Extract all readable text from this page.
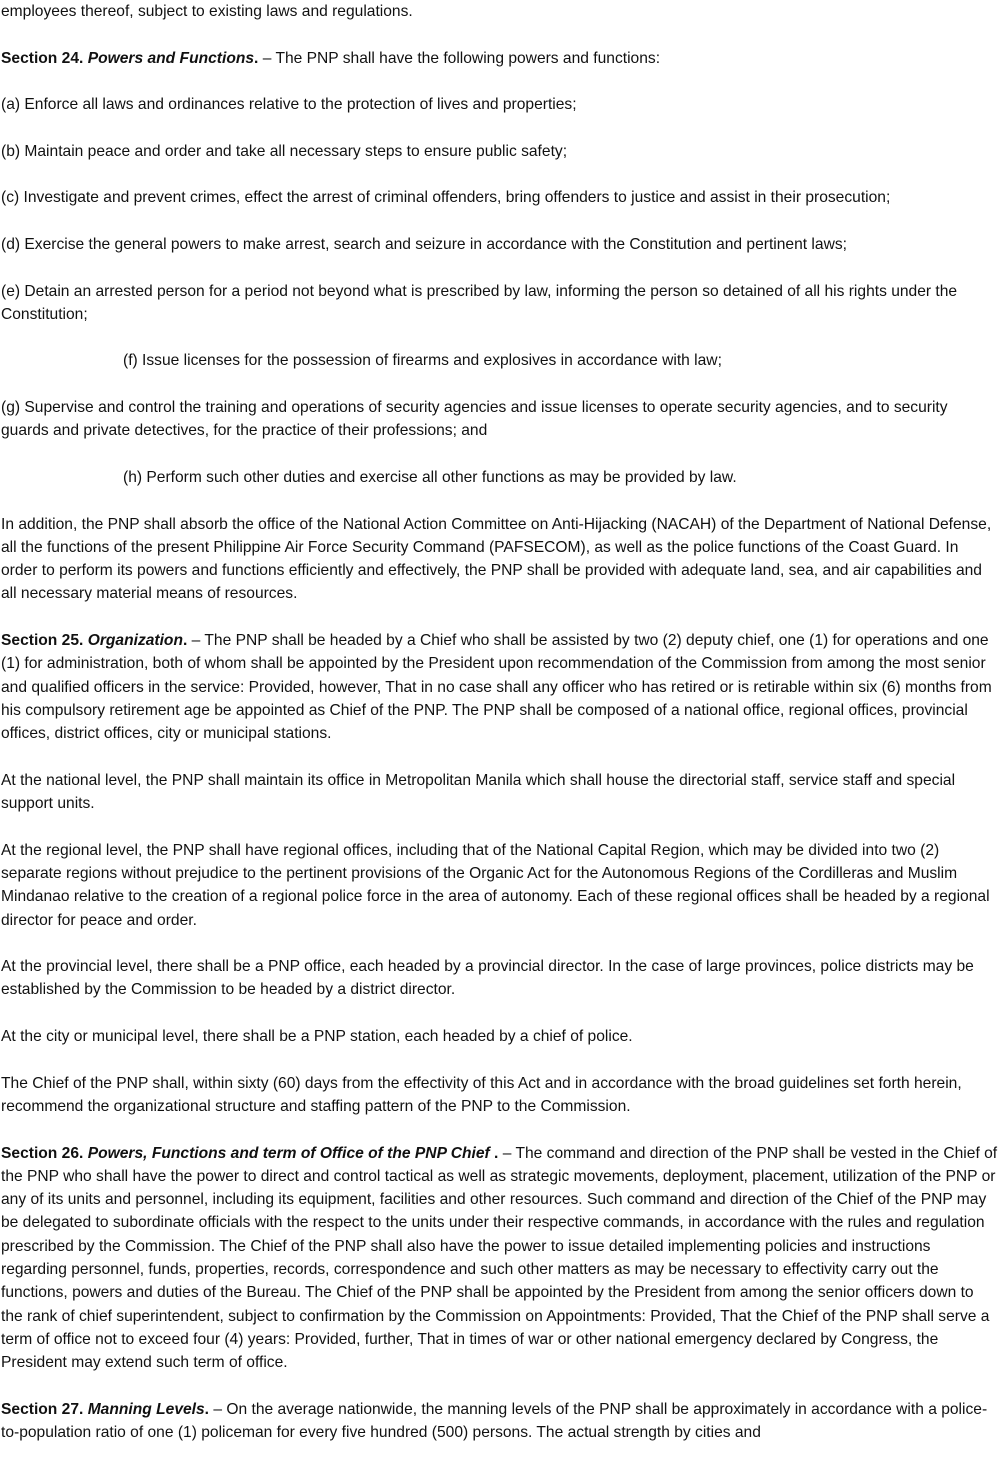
employees thereof, subject to existing laws and regulations.

Section 24. Powers and Functions. – The PNP shall have the following powers and functions:

(a) Enforce all laws and ordinances relative to the protection of lives and properties;

(b) Maintain peace and order and take all necessary steps to ensure public safety;

(c) Investigate and prevent crimes, effect the arrest of criminal offenders, bring offenders to justice and assist in their prosecution;

(d) Exercise the general powers to make arrest, search and seizure in accordance with the Constitution and pertinent laws;

(e) Detain an arrested person for a period not beyond what is prescribed by law, informing the person so detained of all his rights under the Constitution;

(f) Issue licenses for the possession of firearms and explosives in accordance with law;

(g) Supervise and control the training and operations of security agencies and issue licenses to operate security agencies, and to security guards and private detectives, for the practice of their professions; and

(h) Perform such other duties and exercise all other functions as may be provided by law.

In addition, the PNP shall absorb the office of the National Action Committee on Anti-Hijacking (NACAH) of the Department of National Defense, all the functions of the present Philippine Air Force Security Command (PAFSECOM), as well as the police functions of the Coast Guard. In order to perform its powers and functions efficiently and effectively, the PNP shall be provided with adequate land, sea, and air capabilities and all necessary material means of resources.

Section 25. Organization. – The PNP shall be headed by a Chief who shall be assisted by two (2) deputy chief, one (1) for operations and one (1) for administration, both of whom shall be appointed by the President upon recommendation of the Commission from among the most senior and qualified officers in the service: Provided, however, That in no case shall any officer who has retired or is retirable within six (6) months from his compulsory retirement age be appointed as Chief of the PNP. The PNP shall be composed of a national office, regional offices, provincial offices, district offices, city or municipal stations.

At the national level, the PNP shall maintain its office in Metropolitan Manila which shall house the directorial staff, service staff and special support units.

At the regional level, the PNP shall have regional offices, including that of the National Capital Region, which may be divided into two (2) separate regions without prejudice to the pertinent provisions of the Organic Act for the Autonomous Regions of the Cordilleras and Muslim Mindanao relative to the creation of a regional police force in the area of autonomy. Each of these regional offices shall be headed by a regional director for peace and order.

At the provincial level, there shall be a PNP office, each headed by a provincial director. In the case of large provinces, police districts may be established by the Commission to be headed by a district director.

At the city or municipal level, there shall be a PNP station, each headed by a chief of police.

The Chief of the PNP shall, within sixty (60) days from the effectivity of this Act and in accordance with the broad guidelines set forth herein, recommend the organizational structure and staffing pattern of the PNP to the Commission.

Section 26. Powers, Functions and term of Office of the PNP Chief . – The command and direction of the PNP shall be vested in the Chief of the PNP who shall have the power to direct and control tactical as well as strategic movements, deployment, placement, utilization of the PNP or any of its units and personnel, including its equipment, facilities and other resources. Such command and direction of the Chief of the PNP may be delegated to subordinate officials with the respect to the units under their respective commands, in accordance with the rules and regulation prescribed by the Commission. The Chief of the PNP shall also have the power to issue detailed implementing policies and instructions regarding personnel, funds, properties, records, correspondence and such other matters as may be necessary to effectivity carry out the functions, powers and duties of the Bureau. The Chief of the PNP shall be appointed by the President from among the senior officers down to the rank of chief superintendent, subject to confirmation by the Commission on Appointments: Provided, That the Chief of the PNP shall serve a term of office not to exceed four (4) years: Provided, further, That in times of war or other national emergency declared by Congress, the President may extend such term of office.

Section 27. Manning Levels. – On the average nationwide, the manning levels of the PNP shall be approximately in accordance with a police-to-population ratio of one (1) policeman for every five hundred (500) persons. The actual strength by cities and
